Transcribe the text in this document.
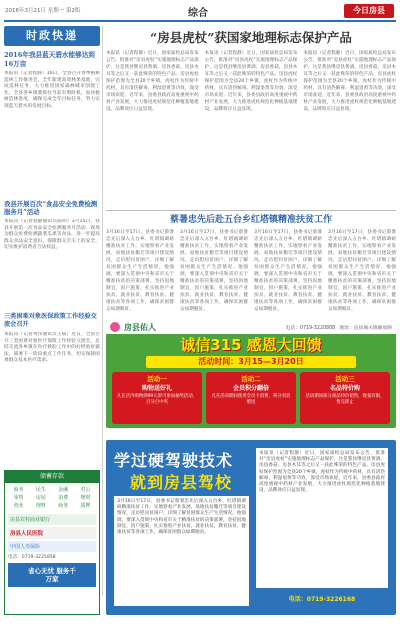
2016年3月21日 星期一 第2版	综合	今日房县
时政快递
2016年我县蓝天碧水能够达到16万亩
本报讯（记者程静）16日，全县召开春季植树造林工作推进会，全年新建高效林果基地，完成造林任务，大力推进国家森林城市创建工作，全县各乡镇要抓住当前有利时机，加快植树造林进度，确保完成全年目标任务，努力实现蓝天碧水的发展目标。
我县开展百次“食品安全免费检测服务月”活动
本报讯（记者程静通讯员陈明）3月15日，我县开展第一次食品安全检测服务月活动，现场为群众免费检测蔬菜瓜果等食品，进一步提高群众食品安全意识，保障群众舌尖上的安全，切实维护消费者合法权益。
三类困难对象医保政策工作经验交流会召开
本报讯（记者黄伟通讯员王斌）近日，全县召开三类困难对象医疗保障工作经验交流会，总结交流各乡镇在医疗救助工作中的好经验好做法，部署下一阶段重点工作任务，切实保障困难群众基本医疗需求。
储蓄存款
商务	民生	金融	对公
零售	房屋	消费	理财
创业	理财	商务	质押
房县农村商业银行
房县人民医院
中国人寿保险
电话：0719-3225858
省心无忧 服务千万家
“房县虎杖”获国家地理标志保护产品
本报讯（记者程静）近日，国家质检总局发布公告，批准对“房县虎杖”实施地理标志产品保护，这是我县继房县黄酒、房县香菇、房县木耳等之后又一获此殊荣的特色产品。房县虎杖保护范围为全县20个乡镇，虎杖作为传统中药材，具有清热解毒、利湿退黄等功效，深受市场欢迎。近年来，县委县政府高度重视中药材产业发展，大力推进虎杖规范化种植基地建设，品牌效应日益显现。
本报讯（记者程静）近日，国家质检总局发布公告，批准对“房县虎杖”实施地理标志产品保护，这是我县继房县黄酒、房县香菇、房县木耳等之后又一获此殊荣的特色产品。房县虎杖保护范围为全县20个乡镇，虎杖作为传统中药材，具有清热解毒、利湿退黄等功效，深受市场欢迎。近年来，县委县政府高度重视中药材产业发展，大力推进虎杖规范化种植基地建设，品牌效应日益显现。
本报讯（记者程静）近日，国家质检总局发布公告，批准对“房县虎杖”实施地理标志产品保护，这是我县继房县黄酒、房县香菇、房县木耳等之后又一获此殊荣的特色产品。房县虎杖保护范围为全县20个乡镇，虎杖作为传统中药材，具有清热解毒、利湿退黄等功效，深受市场欢迎。近年来，县委县政府高度重视中药材产业发展，大力推进虎杖规范化种植基地建设，品牌效应日益显现。
蔡暑忠先后赴五台乡红塔镇精准扶贫工作
3月16日至17日，县委书记蔡暑忠先后深入五台乡、红塔镇调研精准扶贫工作，实地察看产业发展、易地扶贫搬迁等项目建设情况，走访慰问贫困户，详细了解贫困群众生产生活情况。他强调，要深入贯彻中央和省市关于精准扶贫的决策部署，坚持因地制宜，因户施策，扎实推进产业扶贫、就业扶贫、教育扶贫、健康扶贫等各项工作，确保贫困群众如期脱贫。
3月16日至17日，县委书记蔡暑忠先后深入五台乡、红塔镇调研精准扶贫工作，实地察看产业发展、易地扶贫搬迁等项目建设情况，走访慰问贫困户，详细了解贫困群众生产生活情况。他强调，要深入贯彻中央和省市关于精准扶贫的决策部署，坚持因地制宜，因户施策，扎实推进产业扶贫、就业扶贫、教育扶贫、健康扶贫等各项工作，确保贫困群众如期脱贫。
3月16日至17日，县委书记蔡暑忠先后深入五台乡、红塔镇调研精准扶贫工作，实地察看产业发展、易地扶贫搬迁等项目建设情况，走访慰问贫困户，详细了解贫困群众生产生活情况。他强调，要深入贯彻中央和省市关于精准扶贫的决策部署，坚持因地制宜，因户施策，扎实推进产业扶贫、就业扶贫、教育扶贫、健康扶贫等各项工作，确保贫困群众如期脱贫。
3月16日至17日，县委书记蔡暑忠先后深入五台乡、红塔镇调研精准扶贫工作，实地察看产业发展、易地扶贫搬迁等项目建设情况，走访慰问贫困户，详细了解贫困群众生产生活情况。他强调，要深入贯彻中央和省市关于精准扶贫的决策部署，坚持因地制宜，因户施策，扎实推进产业扶贫、就业扶贫、教育扶贫、健康扶贫等各项工作，确保贫困群众如期脱贫。
房县佑人	电话：0719-3220808 地址：房县城关镇解放路
诚信315 感恩大回馈
活动时间：3月15—3月20日
活动一
购物送好礼
凡在店内购物满99元即可参加抽奖活动，百分百中奖
活动二
会员积分翻倍
凡在活动期间使用会员卡消费，积分双倍赠送
活动三
名品特价购
活动期间部分商品特价销售，数量有限，售完即止
学过硬驾驶技术
就到房县驾校
3月16日至17日，县委书记蔡暑忠先后深入五台乡、红塔镇调研精准扶贫工作，实地察看产业发展、易地扶贫搬迁等项目建设情况，走访慰问贫困户，详细了解贫困群众生产生活情况。他强调，要深入贯彻中央和省市关于精准扶贫的决策部署，坚持因地制宜，因户施策，扎实推进产业扶贫、就业扶贫、教育扶贫、健康扶贫等各项工作，确保贫困群众如期脱贫。
本报讯（记者程静）近日，国家质检总局发布公告，批准对“房县虎杖”实施地理标志产品保护，这是我县继房县黄酒、房县香菇、房县木耳等之后又一获此殊荣的特色产品。房县虎杖保护范围为全县20个乡镇，虎杖作为传统中药材，具有清热解毒、利湿退黄等功效，深受市场欢迎。近年来，县委县政府高度重视中药材产业发展，大力推进虎杖规范化种植基地建设，品牌效应日益显现。
电话：0719-3226168
